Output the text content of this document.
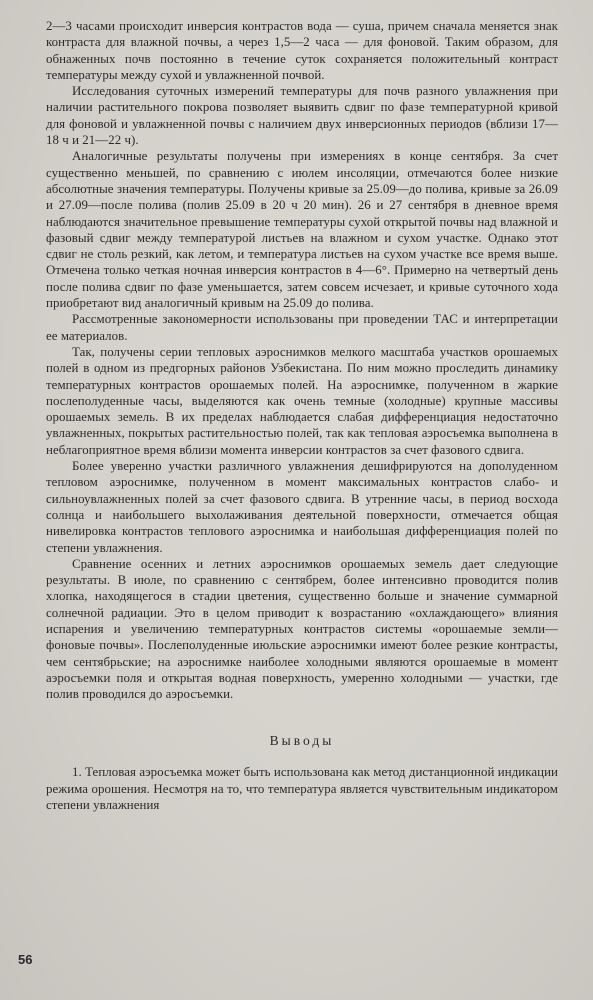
2—3 часами происходит инверсия контрастов вода — суша, причем сначала меняется знак контраста для влажной почвы, а через 1,5—2 часа — для фоновой. Таким образом, для обнаженных почв постоянно в течение суток сохраняется положительный контраст температуры между сухой и увлажненной почвой.

Исследования суточных измерений температуры для почв разного увлажнения при наличии растительного покрова позволяет выявить сдвиг по фазе температурной кривой для фоновой и увлажненной почвы с наличием двух инверсионных периодов (вблизи 17—18 ч и 21—22 ч).

Аналогичные результаты получены при измерениях в конце сентября. За счет существенно меньшей, по сравнению с июлем инсоляции, отмечаются более низкие абсолютные значения температуры. Получены кривые за 25.09—до полива, кривые за 26.09 и 27.09—после полива (полив 25.09 в 20 ч 20 мин). 26 и 27 сентября в дневное время наблюдаются значительное превышение температуры сухой открытой почвы над влажной и фазовый сдвиг между температурой листьев на влажном и сухом участке. Однако этот сдвиг не столь резкий, как летом, и температура листьев на сухом участке все время выше. Отмечена только четкая ночная инверсия контрастов в 4—6°. Примерно на четвертый день после полива сдвиг по фазе уменьшается, затем совсем исчезает, и кривые суточного хода приобретают вид аналогичный кривым на 25.09 до полива.

Рассмотренные закономерности использованы при проведении ТАС и интерпретации ее материалов.

Так, получены серии тепловых аэроснимков мелкого масштаба участков орошаемых полей в одном из предгорных районов Узбекистана. По ним можно проследить динамику температурных контрастов орошаемых полей. На аэроснимке, полученном в жаркие послеполуденные часы, выделяются как очень темные (холодные) крупные массивы орошаемых земель. В их пределах наблюдается слабая дифференциация недостаточно увлажненных, покрытых растительностью полей, так как тепловая аэросъемка выполнена в неблагоприятное время вблизи момента инверсии контрастов за счет фазового сдвига.

Более уверенно участки различного увлажнения дешифрируются на дополуденном тепловом аэроснимке, полученном в момент максимальных контрастов слабо- и сильноувлажненных полей за счет фазового сдвига. В утренние часы, в период восхода солнца и наибольшего выхолаживания деятельной поверхности, отмечается общая нивелировка контрастов теплового аэроснимка и наибольшая дифференциация полей по степени увлажнения.

Сравнение осенних и летних аэроснимков орошаемых земель дает следующие результаты. В июле, по сравнению с сентябрем, более интенсивно проводится полив хлопка, находящегося в стадии цветения, существенно больше и значение суммарной солнечной радиации. Это в целом приводит к возрастанию «охлаждающего» влияния испарения и увеличению температурных контрастов системы «орошаемые земли—фоновые почвы». Послеполуденные июльские аэроснимки имеют более резкие контрасты, чем сентябрьские; на аэроснимке наиболее холодными являются орошаемые в момент аэросъемки поля и открытая водная поверхность, умеренно холодными — участки, где полив проводился до аэросъемки.

Выводы

1. Тепловая аэросъемка может быть использована как метод дистанционной индикации режима орошения. Несмотря на то, что температура является чувствительным индикатором степени увлажнения

56
